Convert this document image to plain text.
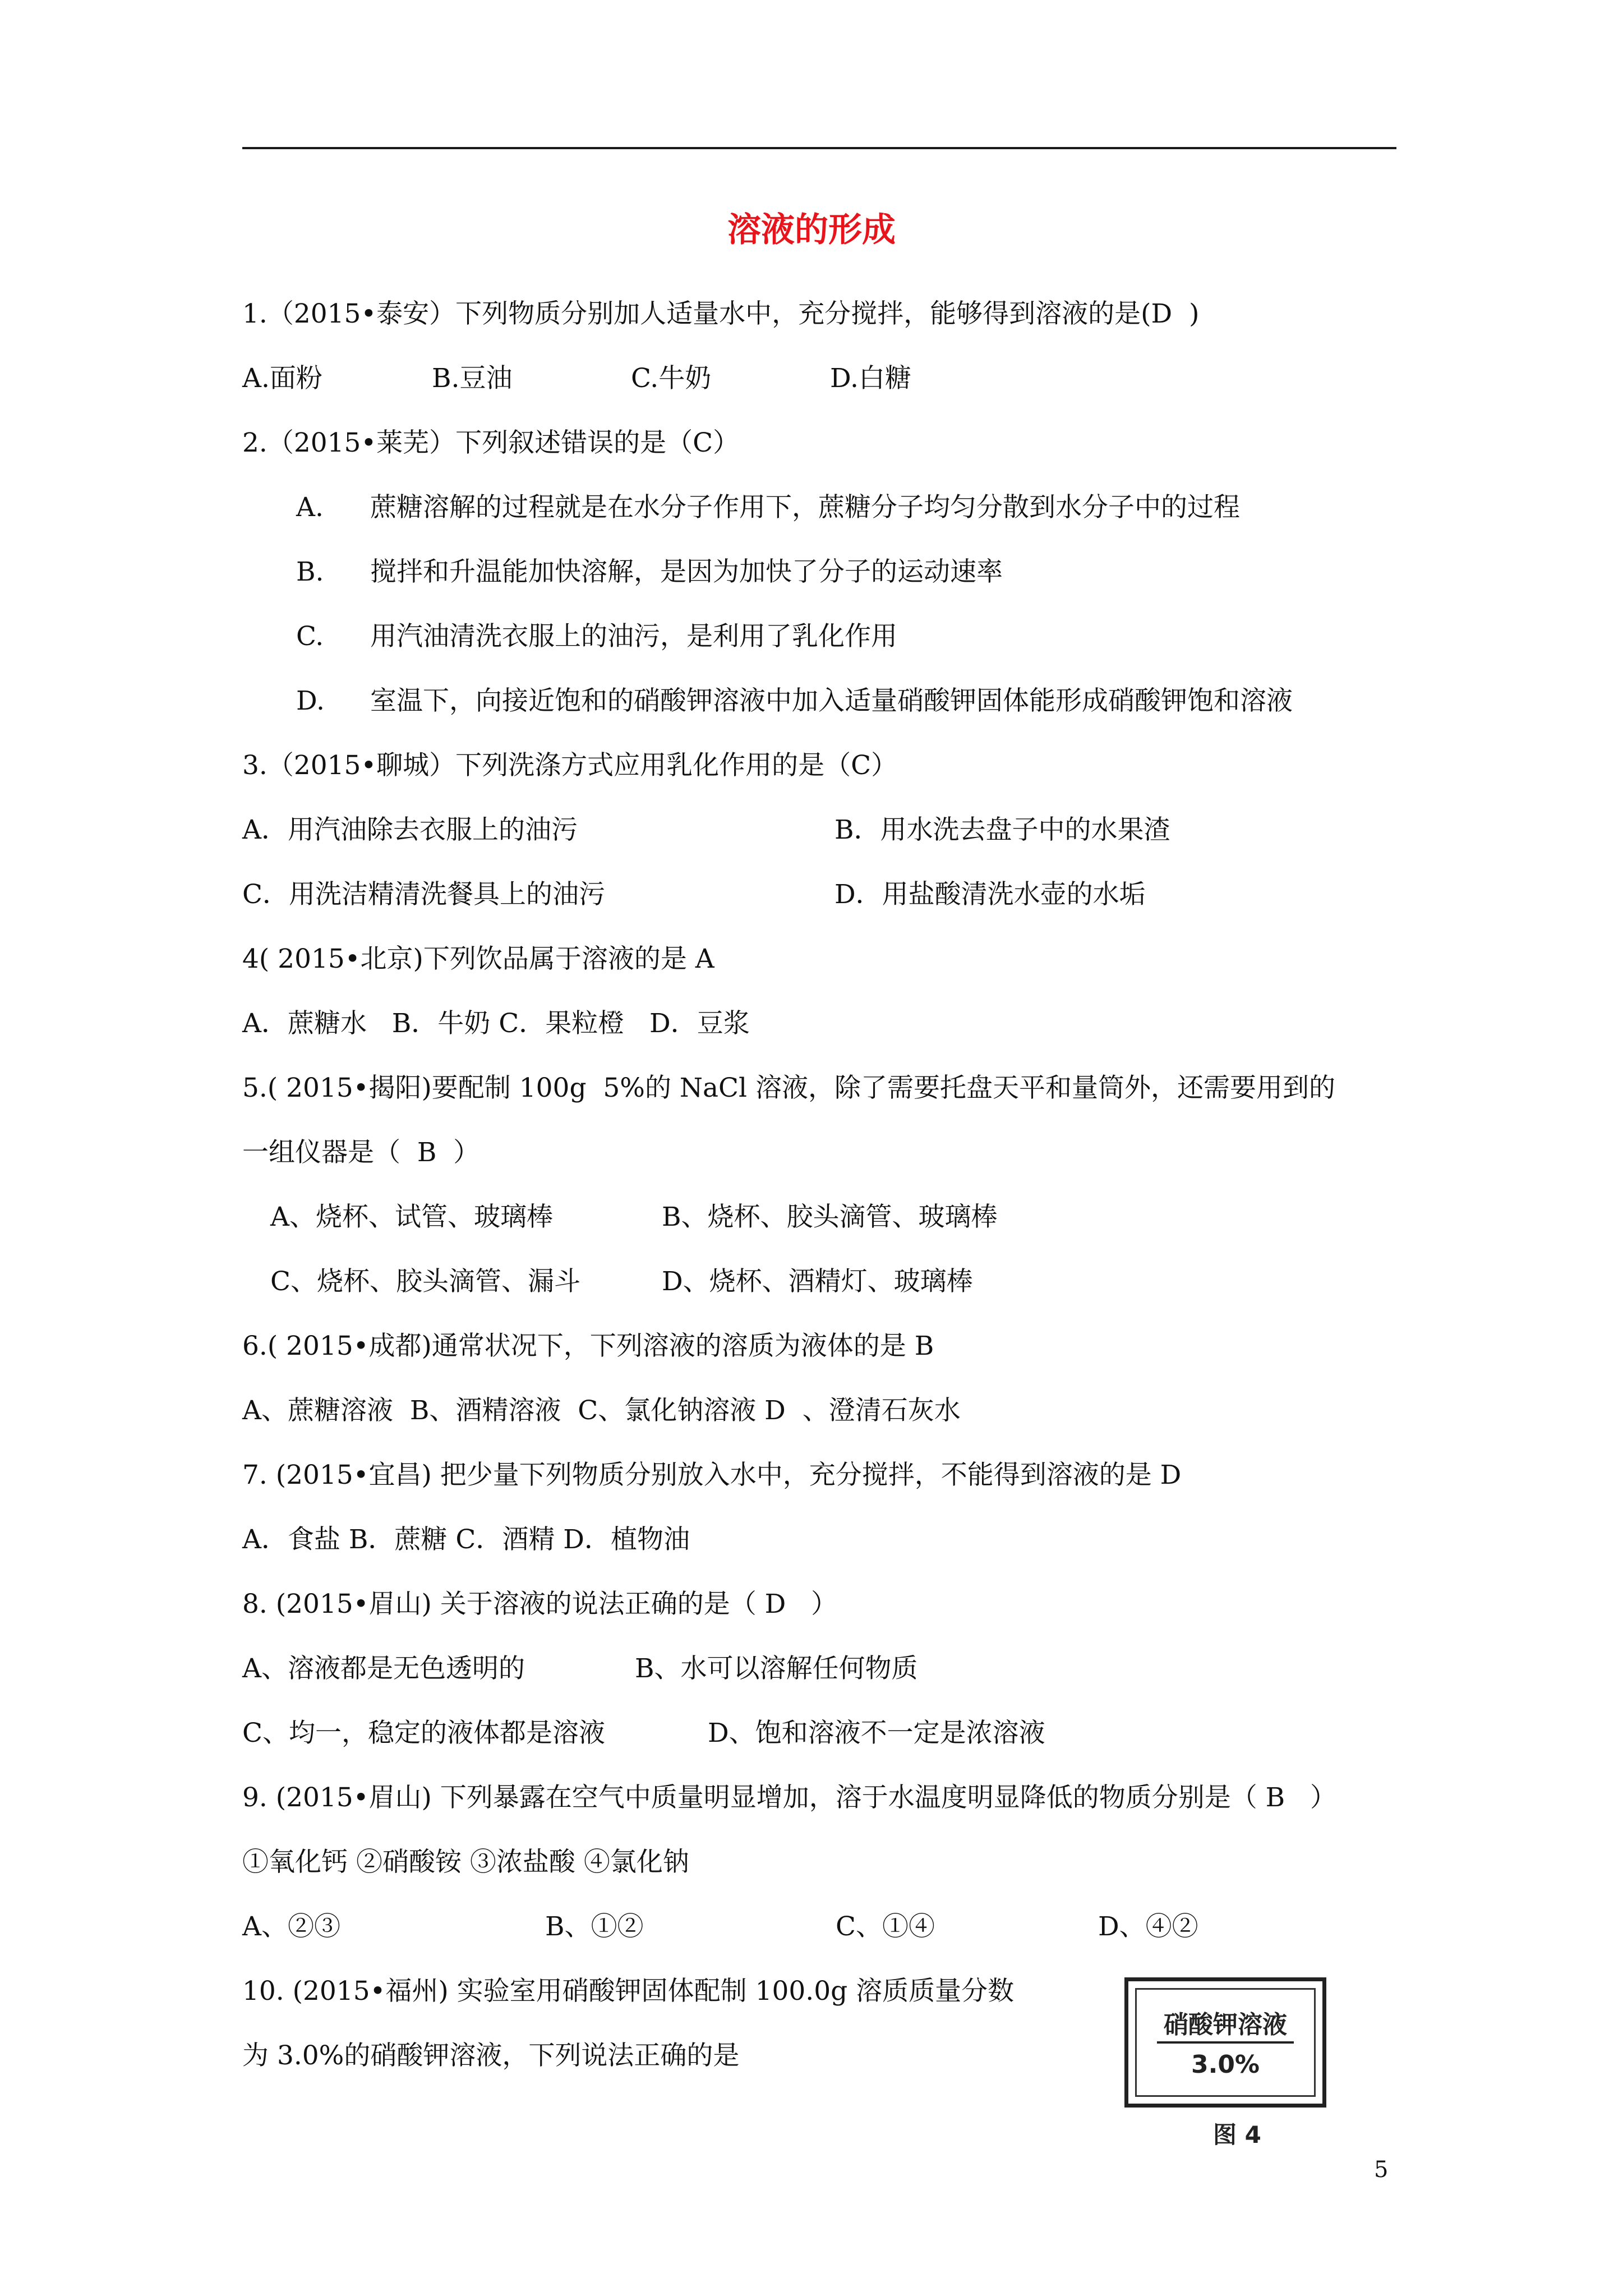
溶液的形成
1.（2015•泰安）下列物质分别加人适量水中，充分搅拌，能够得到溶液的是(D  )
A.面粉	B.豆油	C.牛奶	D.白糖
2.（2015•莱芜）下列叙述错误的是（C）
A. 蔗糖溶解的过程就是在水分子作用下，蔗糖分子均匀分散到水分子中的过程
B. 搅拌和升温能加快溶解，是因为加快了分子的运动速率
C. 用汽油清洗衣服上的油污，是利用了乳化作用
D. 室温下，向接近饱和的硝酸钾溶液中加入适量硝酸钾固体能形成硝酸钾饱和溶液
3.（2015•聊城）下列洗涤方式应用乳化作用的是（C）
A．用汽油除去衣服上的油污	B．用水洗去盘子中的水果渣
C．用洗洁精清洗餐具上的油污	D．用盐酸清洗水壶的水垢
4( 2015•北京)下列饮品属于溶液的是 A
A．蔗糖水   B．牛奶 C．果粒橙   D．豆浆
5.( 2015•揭阳)要配制 100g  5%的 NaCl 溶液，除了需要托盘天平和量筒外，还需要用到的
一组仪器是（  B  ）
A、烧杯、试管、玻璃棒	B、烧杯、胶头滴管、玻璃棒
C、烧杯、胶头滴管、漏斗	D、烧杯、酒精灯、玻璃棒
6.( 2015•成都)通常状况下，下列溶液的溶质为液体的是 B
A、蔗糖溶液  B、酒精溶液  C、氯化钠溶液 D  、澄清石灰水
7. (2015•宜昌) 把少量下列物质分别放入水中，充分搅拌，不能得到溶液的是 D
A．食盐 B．蔗糖 C．酒精 D．植物油
8. (2015•眉山) 关于溶液的说法正确的是（ D   ）
A、溶液都是无色透明的	B、水可以溶解任何物质
C、均一，稳定的液体都是溶液	D、饱和溶液不一定是浓溶液
9. (2015•眉山) 下列暴露在空气中质量明显增加，溶于水温度明显降低的物质分别是（ B   ）
①氧化钙 ②硝酸铵 ③浓盐酸 ④氯化钠
A、②③	B、①②	C、①④	D、④②
10. (2015•福州) 实验室用硝酸钾固体配制 100.0g 溶质质量分数
为 3.0%的硝酸钾溶液，下列说法正确的是
硝酸钾溶液
3.0%
图 4
5
